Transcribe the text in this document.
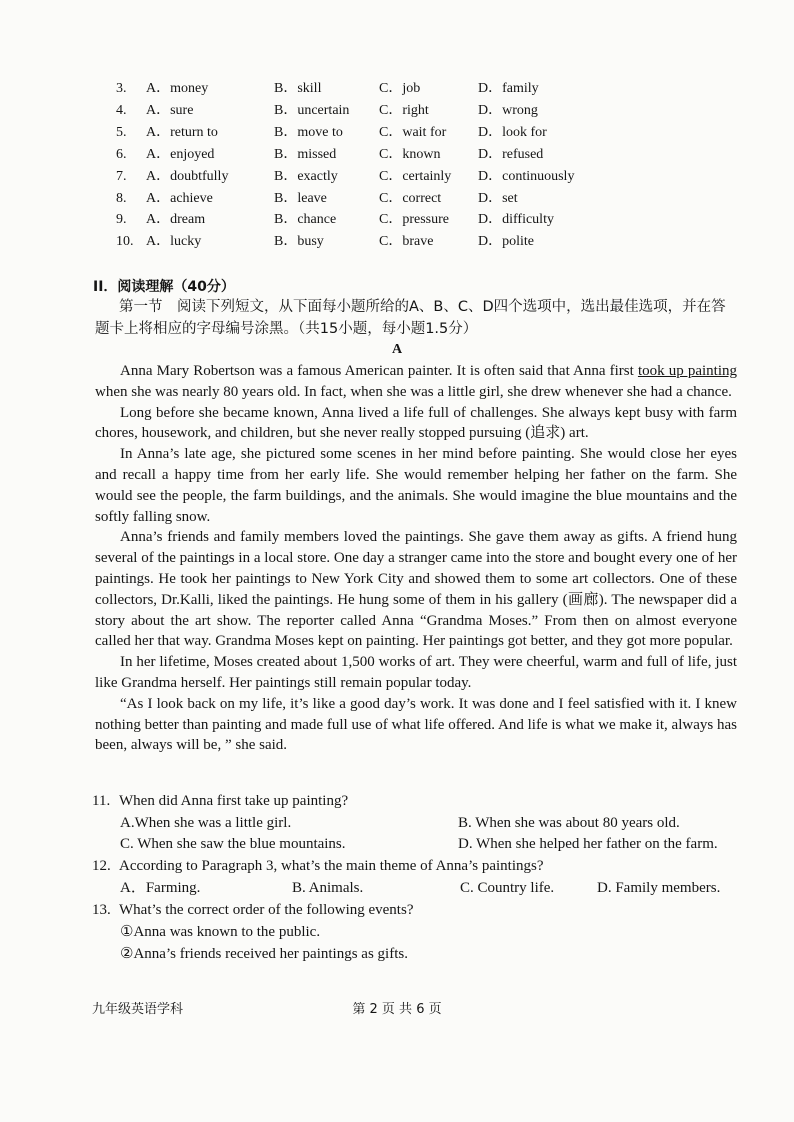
3.	A．money	B．skill	C．job	D．family
4.	A．sure	B．uncertain C．right	D．wrong
5.	A．return to	B．move to	C．wait for D．look for
6.	A．enjoyed	B．missed	C．known	D．refused
7.	A．doubtfully	B．exactly	C．certainly D．continuously
8.	A．achieve	B．leave	C．correct	D．set
9.	A．dream	B．chance	C．pressure D．difficulty
10. A．lucky	B．busy	C．brave	D．polite
II．阅读理解（40分）
第一节　阅读下列短文，从下面每小题所给的A、B、C、D四个选项中，选出最佳选项，并在答题卡上将相应的字母编号涂黑。（共15小题，每小题1.5分）
A

Anna Mary Robertson was a famous American painter. It is often said that Anna first took up painting when she was nearly 80 years old. In fact, when she was a little girl, she drew whenever she had a chance.

Long before she became known, Anna lived a life full of challenges. She always kept busy with farm chores, housework, and children, but she never really stopped pursuing (追求) art.

In Anna’s late age, she pictured some scenes in her mind before painting. She would close her eyes and recall a happy time from her early life. She would remember helping her father on the farm. She would see the people, the farm buildings, and the animals. She would imagine the blue mountains and the softly falling snow.

Anna’s friends and family members loved the paintings. She gave them away as gifts. A friend hung several of the paintings in a local store. One day a stranger came into the store and bought every one of her paintings. He took her paintings to New York City and showed them to some art collectors. One of these collectors, Dr.Kalli, liked the paintings. He hung some of them in his gallery (画廊). The newspaper did a story about the art show. The reporter called Anna “Grandma Moses.” From then on almost everyone called her that way. Grandma Moses kept on painting. Her paintings got better, and they got more popular.

In her lifetime, Moses created about 1,500 works of art. They were cheerful, warm and full of life, just like Grandma herself. Her paintings still remain popular today.

“As I look back on my life, it’s like a good day’s work. It was done and I feel satisfied with it. I knew nothing better than painting and made full use of what life offered. And life is what we make it, always has been, always will be, ” she said.

11. When did Anna first take up painting?
A.When she was a little girl.	B. When she was about 80 years old.
C. When she saw the blue mountains.	D. When she helped her father on the farm.
12. According to Paragraph 3, what’s the main theme of Anna’s paintings?
A．Farming.	B. Animals.	C. Country life.	D. Family members.
13. What’s the correct order of the following events?
①Anna was known to the public.
②Anna’s friends received her paintings as gifts.
九年级英语学科	第 2 页 共 6 页
